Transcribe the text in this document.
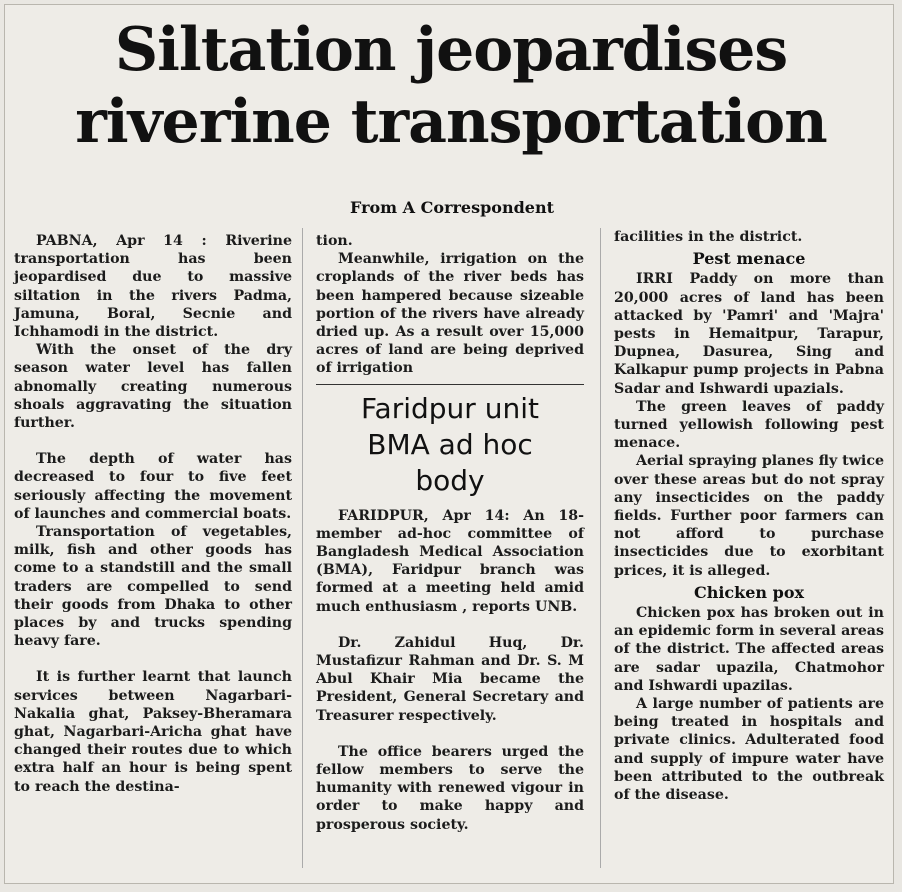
Siltation jeopardises
riverine transportation
From A Correspondent

PABNA, Apr 14 : Riverine transportation has been jeopardised due to massive siltation in the rivers Padma, Jamuna, Boral, Secnie and Ichhamodi in the district.

With the onset of the dry season water level has fallen abnomally creating numerous shoals aggravating the situation further.

The depth of water has decreased to four to five feet seriously affecting the movement of launches and commercial boats.

Transportation of vegetables, milk, fish and other goods has come to a standstill and the small traders are compelled to send their goods from Dhaka to other places by and trucks spending heavy fare.

It is further learnt that launch services between Nagarbari-Nakalia ghat, Paksey-Bheramara ghat, Nagarbari-Aricha ghat have changed their routes due to which extra half an hour is being spent to reach the destina-

tion.

Meanwhile, irrigation on the croplands of the river beds has been hampered because sizeable portion of the rivers have already dried up. As a result over 15,000 acres of land are being deprived of irrigation

Faridpur unit
BMA ad hoc
body

FARIDPUR, Apr 14: An 18-member ad-hoc committee of Bangladesh Medical Association (BMA), Faridpur branch was formed at a meeting held amid much enthusiasm , reports UNB.

Dr. Zahidul Huq, Dr. Mustafizur Rahman and Dr. S. M Abul Khair Mia became the President, General Secretary and Treasurer respectively.

The office bearers urged the fellow members to serve the humanity with renewed vigour in order to make happy and prosperous society.

facilities in the district.

Pest menace

IRRI Paddy on more than 20,000 acres of land has been attacked by 'Pamri' and 'Majra' pests in Hemaitpur, Tarapur, Dupnea, Dasurea, Sing and Kalkapur pump projects in Pabna Sadar and Ishwardi upazials.

The green leaves of paddy turned yellowish following pest menace.

Aerial spraying planes fly twice over these areas but do not spray any insecticides on the paddy fields. Further poor farmers can not afford to purchase insecticides due to exorbitant prices, it is alleged.

Chicken pox

Chicken pox has broken out in an epidemic form in several areas of the district. The affected areas are sadar upazila, Chatmohor and Ishwardi upazilas.

A large number of patients are being treated in hospitals and private clinics. Adulterated food and supply of impure water have been attributed to the outbreak of the disease.
